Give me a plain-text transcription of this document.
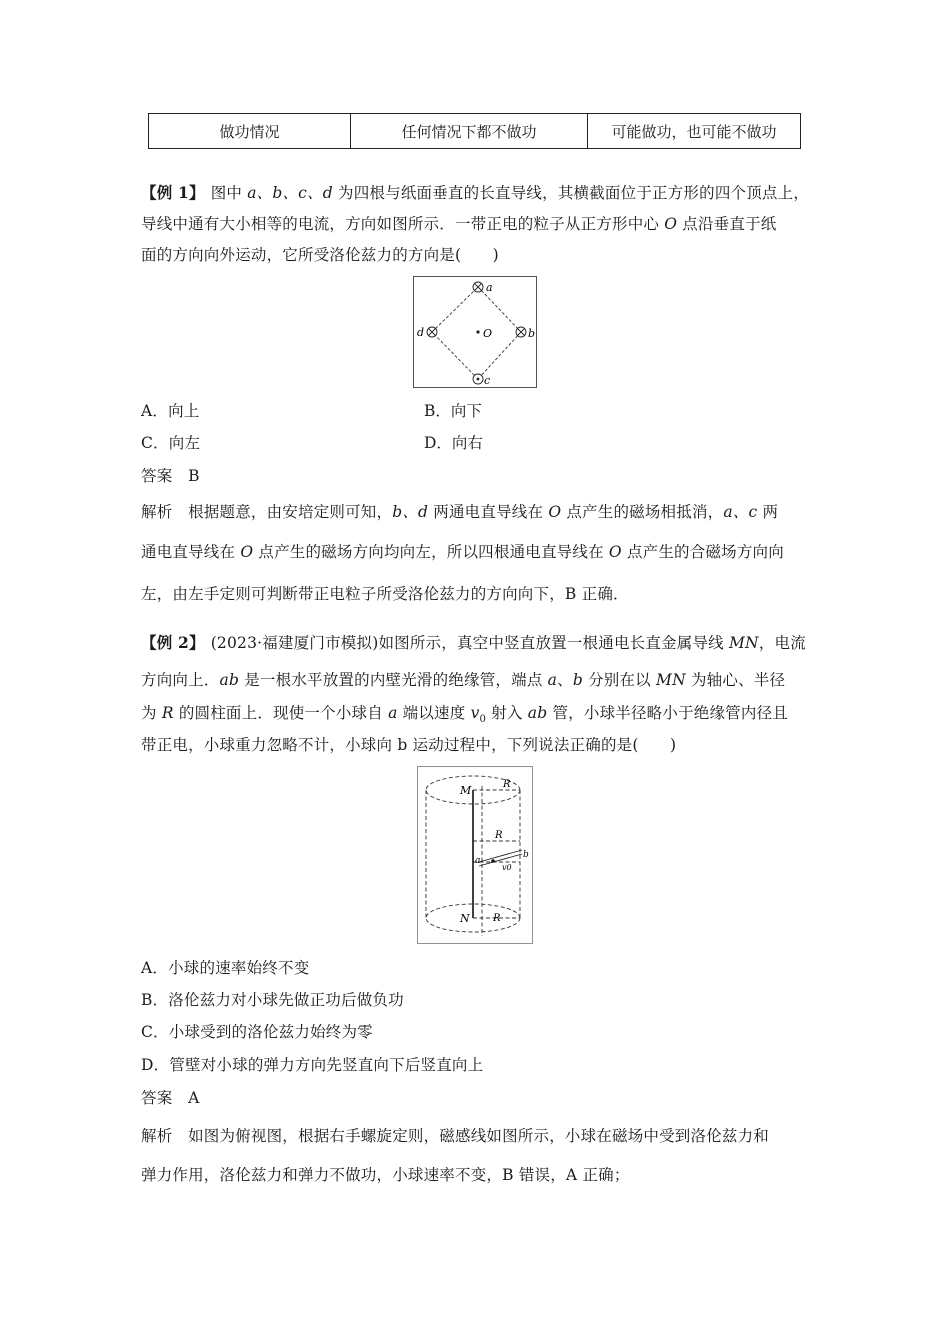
做功情况	任何情况下都不做功	可能做功，也可能不做功
【例 1】 图中 a、b、c、d 为四根与纸面垂直的长直导线，其横截面位于正方形的四个顶点上，
导线中通有大小相等的电流，方向如图所示．一带正电的粒子从正方形中心 O 点沿垂直于纸
面的方向向外运动，它所受洛伦兹力的方向是(　　)
a
b
c
d	O
A．向上	B．向下
C．向左	D．向右
答案　B
解析　根据题意，由安培定则可知，b、d 两通电直导线在 O 点产生的磁场相抵消，a、c 两
通电直导线在 O 点产生的磁场方向均向左，所以四根通电直导线在 O 点产生的合磁场方向向
左，由左手定则可判断带正电粒子所受洛伦兹力的方向向下，B 正确．
【例 2】 (2023·福建厦门市模拟)如图所示，真空中竖直放置一根通电长直金属导线 MN，电流
方向向上．ab 是一根水平放置的内壁光滑的绝缘管，端点 a、b 分别在以 MN 为轴心、半径
为 R 的圆柱面上．现使一个小球自 a 端以速度 $v_0$ 射入 ab 管，小球半径略小于绝缘管内径且
带正电，小球重力忽略不计，小球向 b 运动过程中，下列说法正确的是(　　)
M
N
R
R
R
a
b
v0
A．小球的速率始终不变
B．洛伦兹力对小球先做正功后做负功
C．小球受到的洛伦兹力始终为零
D．管壁对小球的弹力方向先竖直向下后竖直向上
答案　A
解析　如图为俯视图，根据右手螺旋定则，磁感线如图所示，小球在磁场中受到洛伦兹力和
弹力作用，洛伦兹力和弹力不做功，小球速率不变，B 错误，A 正确；
